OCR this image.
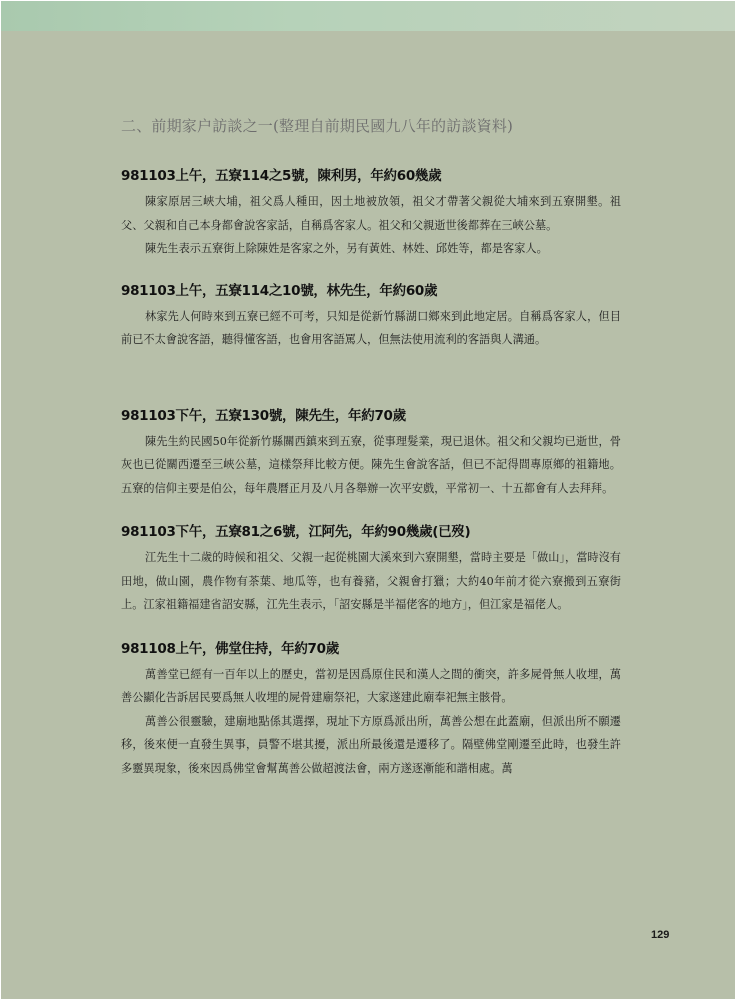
二、前期家户訪談之一(整理自前期民國九八年的訪談資料)
981103上午，五寮114之5號，陳利男，年約60幾歲

陳家原居三峽大埔，祖父爲人種田，因土地被放領，祖父才帶著父親從大埔來到五寮開墾。祖父、父親和自己本身都會說客家話，自稱爲客家人。祖父和父親逝世後都葬在三峽公墓。

陳先生表示五寮街上除陳姓是客家之外，另有黃姓、林姓、邱姓等，都是客家人。

981103上午，五寮114之10號，林先生，年約60歲

林家先人何時來到五寮已經不可考，只知是從新竹縣湖口鄉來到此地定居。自稱爲客家人，但目前已不太會說客語，聽得懂客語，也會用客語罵人，但無法使用流利的客語與人溝通。

981103下午，五寮130號，陳先生，年約70歲

陳先生約民國50年從新竹縣關西鎮來到五寮，從事理髮業，現已退休。祖父和父親均已逝世，骨灰也已從關西遷至三峽公墓，這樣祭拜比較方便。陳先生會說客話，但已不記得間專原鄉的祖籍地。五寮的信仰主要是伯公，每年農曆正月及八月各舉辦一次平安戲，平常初一、十五都會有人去拜拜。

981103下午，五寮81之6號，江阿先，年約90幾歲(已歿)

江先生十二歲的時候和祖父、父親一起從桃園大溪來到六寮開墾，當時主要是「做山」，當時沒有田地，做山園，農作物有茶葉、地瓜等，也有養豬，父親會打獵；大約40年前才從六寮搬到五寮街上。江家祖籍福建省詔安縣，江先生表示，「詔安縣是半福佬客的地方」，但江家是福佬人。

981108上午，佛堂住持，年約70歲

萬善堂已經有一百年以上的歷史，當初是因爲原住民和漢人之間的衝突，許多屍骨無人收埋，萬善公顯化告訴居民要爲無人收埋的屍骨建廟祭祀，大家遂建此廟奉祀無主骸骨。

萬善公很靈驗，建廟地點係其選擇，現址下方原爲派出所，萬善公想在此蓋廟，但派出所不願遷移，後來便一直發生異事，員警不堪其擾，派出所最後還是遷移了。隔壁佛堂剛遷至此時，也發生許多靈異現象，後來因爲佛堂會幫萬善公做超渡法會，兩方遂逐漸能和諧相處。萬

129
